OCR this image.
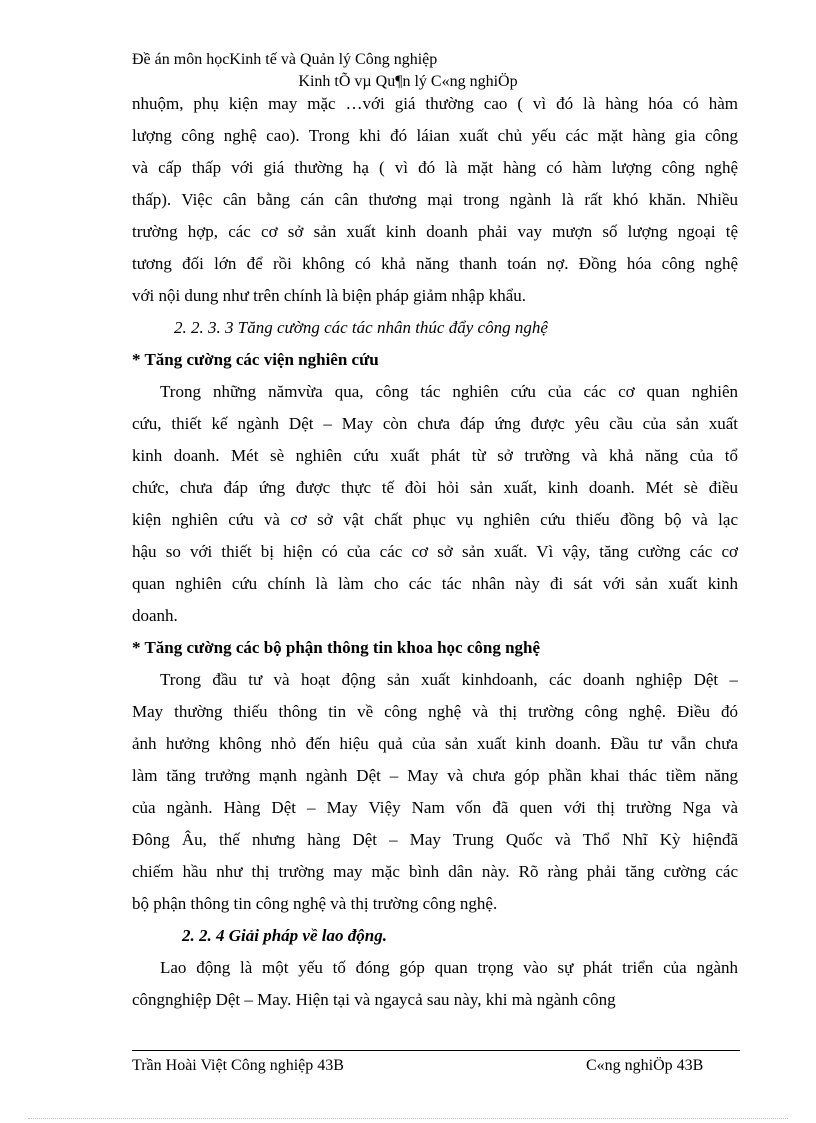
Đề án môn họcKinh tế và Quản lý Công nghiệp
Kinh tÕ vµ Qu¶n lý C«ng nghiÖp
nhuộm, phụ kiện may mặc …với giá thường cao ( vì đó là hàng hóa có hàm
lượng công nghệ cao). Trong khi đó láian xuất chủ yếu các mặt hàng gia công
và cấp thấp với giá thường hạ ( vì đó là mặt hàng có hàm lượng công nghệ
thấp). Việc cân bằng cán cân thương mại trong ngành là rất khó khăn. Nhiều
trường hợp, các cơ sở sản xuất kinh doanh phải vay mượn số lượng ngoại tệ
tương đối lớn để rồi không có khả năng thanh toán nợ. Đồng hóa công nghệ
với nội dung như trên chính là biện pháp giảm nhập khẩu.
2. 2. 3. 3 Tăng cường các tác nhân thúc đẩy công nghệ
* Tăng cường các viện nghiên cứu
Trong những nămvừa qua, công tác nghiên cứu của các cơ quan nghiên
cứu, thiết kế ngành Dệt – May còn chưa đáp ứng được yêu cầu của sản xuất
kinh doanh. Mét sè nghiên cứu xuất phát từ sở trường và khả năng của tổ
chức, chưa đáp ứng được thực tế đòi hỏi sản xuất, kinh doanh. Mét sè điều
kiện nghiên cứu và cơ sở vật chất phục vụ nghiên cứu thiếu đồng bộ và lạc
hậu so với thiết bị hiện có của các cơ sở sản xuất. Vì vậy, tăng cường các cơ
quan nghiên cứu chính là làm cho các tác nhân này đi sát với sản xuất kinh
doanh.
* Tăng cường các bộ phận thông tin khoa học công nghệ
Trong đầu tư và hoạt động sản xuất kinhdoanh, các doanh nghiệp Dệt –
May thường thiếu thông tin về công nghệ và thị trường công nghệ. Điều đó
ảnh hưởng không nhỏ đến hiệu quả của sản xuất kinh doanh. Đầu tư vẫn chưa
làm tăng trưởng mạnh ngành Dệt – May và chưa góp phần khai thác tiềm năng
của ngành. Hàng Dệt – May Việy Nam vốn đã quen với thị trường Nga và
Đông Âu, thế nhưng hàng Dệt – May Trung Quốc và Thổ Nhĩ Kỳ hiệnđã
chiếm hầu như thị trường may mặc bình dân này. Rõ ràng phải tăng cường các
bộ phận thông tin công nghệ và thị trường công nghệ.
2. 2. 4 Giải pháp về lao động.
Lao động là một yếu tố đóng góp quan trọng vào sự phát triển của ngành
côngnghiệp Dệt – May. Hiện tại và ngaycả sau này, khi mà ngành công
Trần Hoài Việt Công nghiệp 43B	C«ng nghiÖp 43B
